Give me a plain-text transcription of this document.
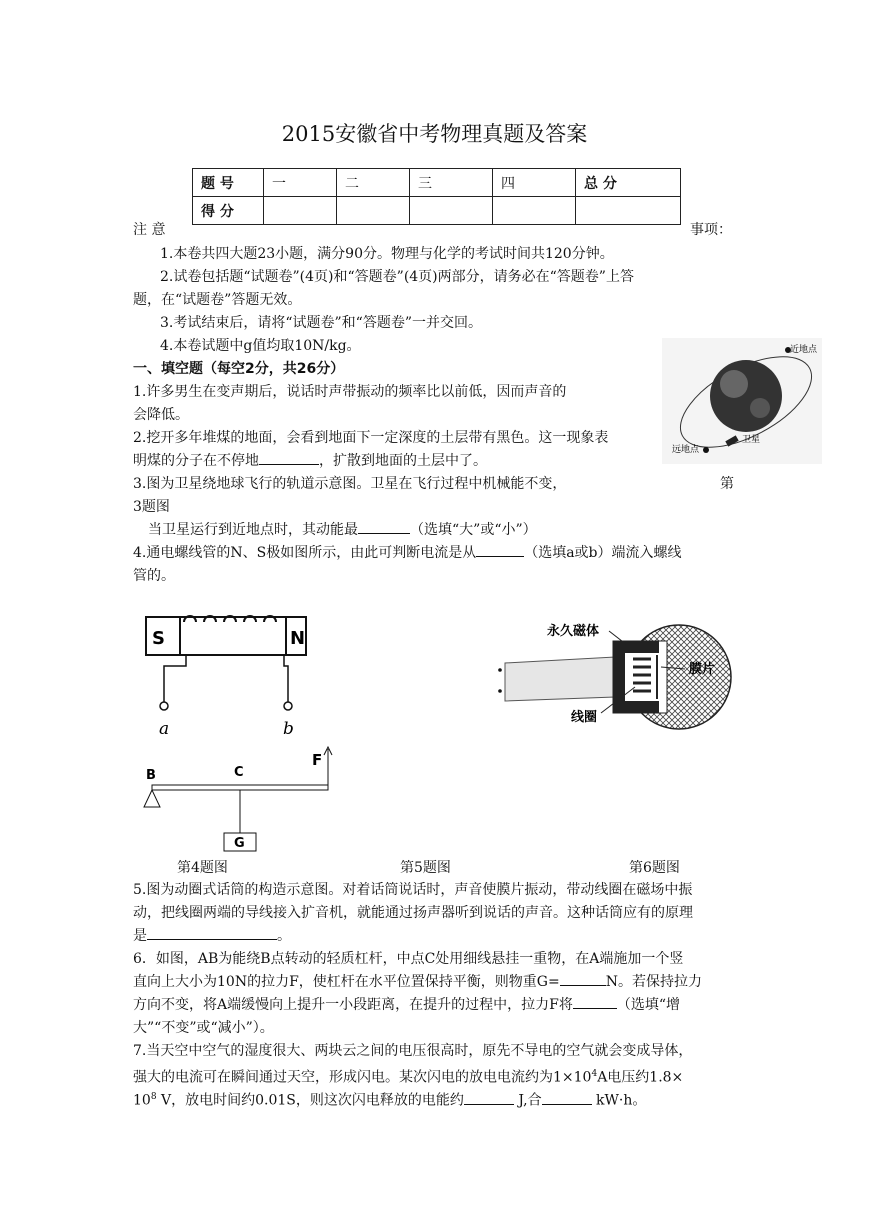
2015安徽省中考物理真题及答案
题 号	一	二	三	四	总 分
得 分					
注 意	事项：
1.本卷共四大题23小题，满分90分。物理与化学的考试时间共120分钟。
2.试卷包括题“试题卷”(4页)和“答题卷”(4页)两部分，请务必在“答题卷”上答
题，在“试题卷”答题无效。
3.考试结束后，请将“试题卷”和“答题卷”一并交回。
4.本卷试题中g值均取10N/kg。
一、填空题（每空2分，共26分）
1.许多男生在变声期后，说话时声带振动的频率比以前低，因而声音的
会降低。
2.挖开多年堆煤的地面，会看到地面下一定深度的土层带有黑色。这一现象表
明煤的分子在不停地	，扩散到地面的土层中了。
3.图为卫星绕地球飞行的轨道示意图。卫星在飞行过程中机械能不变，	第
3题图
当卫星运行到近地点时，其动能最	（选填“大”或“小”）
4.通电螺线管的N、S极如图所示，由此可判断电流是从	（选填a或b）端流入螺线
管的。
近地点
远地点
卫星
S	N
a	b
永久磁体
膜片
线圈
B	C
F
G
第4题图	第5题图	第6题图
5.图为动圈式话筒的构造示意图。对着话筒说话时，声音使膜片振动，带动线圈在磁场中振
动，把线圈两端的导线接入扩音机，就能通过扬声器听到说话的声音。这种话筒应有的原理
是	。
6．如图，AB为能绕B点转动的轻质杠杆，中点C处用细线悬挂一重物，在A端施加一个竖
直向上大小为10N的拉力F，使杠杆在水平位置保持平衡，则物重G=	N。若保持拉力
方向不变，将A端缓慢向上提升一小段距离，在提升的过程中，拉力F将	（选填“增
大”“不变”或“减小”）。
7.当天空中空气的湿度很大、两块云之间的电压很高时，原先不导电的空气就会变成导体，
强大的电流可在瞬间通过天空，形成闪电。某次闪电的放电电流约为$1\times 10^4A$电压约1.8×
$10^8$ V，放电时间约0.01S，则这次闪电释放的电能约	J,合	kW·h。
